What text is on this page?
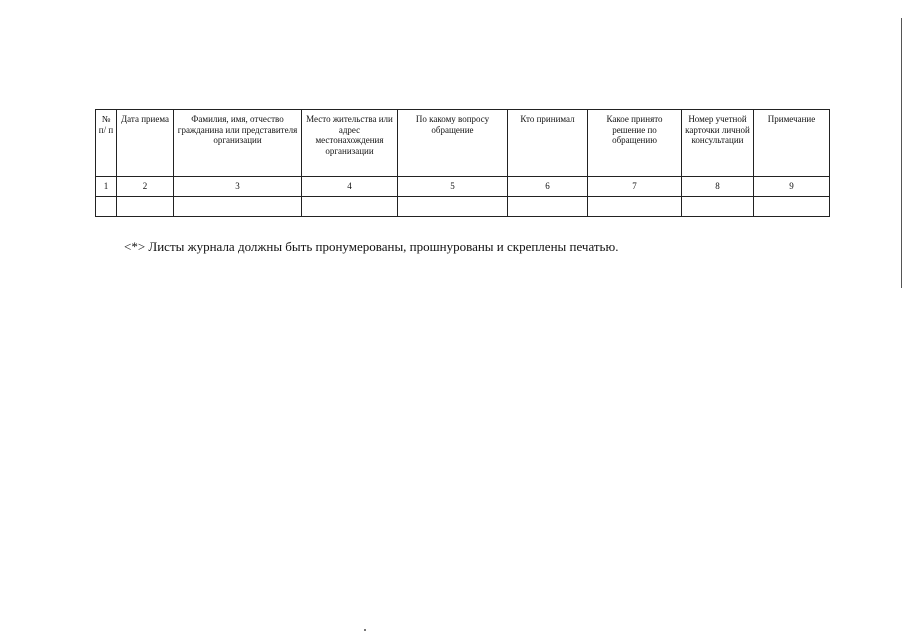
№ п/ п	Дата приема	Фамилия, имя, отчество гражданина или представителя организации	Место жительства или адрес местонахождения организации	По какому вопросу обращение	Кто принимал	Какое принято решение по обращению	Номер учетной карточки личной консультации	Примечание
1	2	3	4	5	6	7	8	9

<*> Листы журнала должны быть пронумерованы, прошнурованы и скреплены печатью.
